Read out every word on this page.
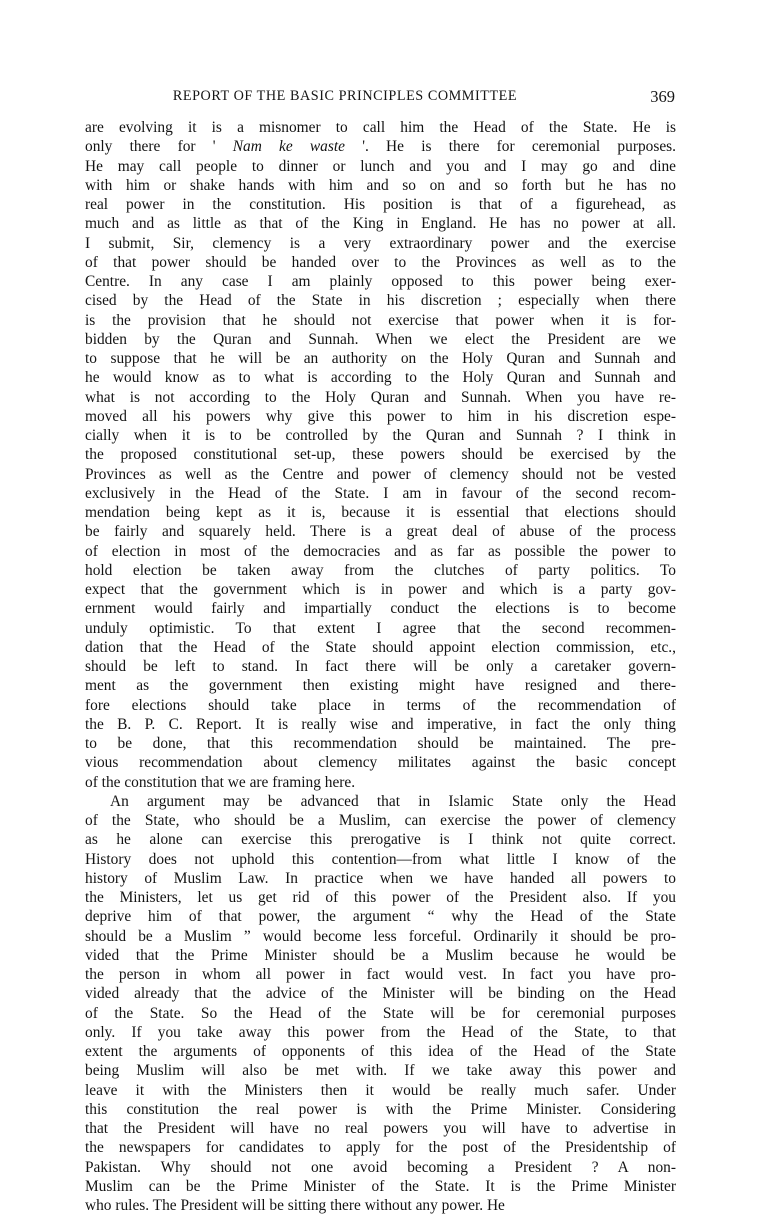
REPORT OF THE BASIC PRINCIPLES COMMITTEE	369
are evolving it is a misnomer to call him the Head of the State. He is
only there for ' Nam ke waste '. He is there for ceremonial purposes.
He may call people to dinner or lunch and you and I may go and dine
with him or shake hands with him and so on and so forth but he has no
real power in the constitution. His position is that of a figurehead, as
much and as little as that of the King in England. He has no power at all.
I submit, Sir, clemency is a very extraordinary power and the exercise
of that power should be handed over to the Provinces as well as to the
Centre. In any case I am plainly opposed to this power being exer-
cised by the Head of the State in his discretion ; especially when there
is the provision that he should not exercise that power when it is for-
bidden by the Quran and Sunnah. When we elect the President are we
to suppose that he will be an authority on the Holy Quran and Sunnah and
he would know as to what is according to the Holy Quran and Sunnah and
what is not according to the Holy Quran and Sunnah. When you have re-
moved all his powers why give this power to him in his discretion espe-
cially when it is to be controlled by the Quran and Sunnah ? I think in
the proposed constitutional set-up, these powers should be exercised by the
Provinces as well as the Centre and power of clemency should not be vested
exclusively in the Head of the State. I am in favour of the second recom-
mendation being kept as it is, because it is essential that elections should
be fairly and squarely held. There is a great deal of abuse of the process
of election in most of the democracies and as far as possible the power to
hold election be taken away from the clutches of party politics. To
expect that the government which is in power and which is a party gov-
ernment would fairly and impartially conduct the elections is to become
unduly optimistic. To that extent I agree that the second recommen-
dation that the Head of the State should appoint election commission, etc.,
should be left to stand. In fact there will be only a caretaker govern-
ment as the government then existing might have resigned and there-
fore elections should take place in terms of the recommendation of
the B. P. C. Report. It is really wise and imperative, in fact the only thing
to be done, that this recommendation should be maintained. The pre-
vious recommendation about clemency militates against the basic concept
of the constitution that we are framing here.
An argument may be advanced that in Islamic State only the Head
of the State, who should be a Muslim, can exercise the power of clemency
as he alone can exercise this prerogative is I think not quite correct.
History does not uphold this contention—from what little I know of the
history of Muslim Law. In practice when we have handed all powers to
the Ministers, let us get rid of this power of the President also. If you
deprive him of that power, the argument “ why the Head of the State
should be a Muslim ” would become less forceful. Ordinarily it should be pro-
vided that the Prime Minister should be a Muslim because he would be
the person in whom all power in fact would vest. In fact you have pro-
vided already that the advice of the Minister will be binding on the Head
of the State. So the Head of the State will be for ceremonial purposes
only. If you take away this power from the Head of the State, to that
extent the arguments of opponents of this idea of the Head of the State
being Muslim will also be met with. If we take away this power and
leave it with the Ministers then it would be really much safer. Under
this constitution the real power is with the Prime Minister. Considering
that the President will have no real powers you will have to advertise in
the newspapers for candidates to apply for the post of the Presidentship of
Pakistan. Why should not one avoid becoming a President ? A non-
Muslim can be the Prime Minister of the State. It is the Prime Minister
who rules. The President will be sitting there without any power. He
